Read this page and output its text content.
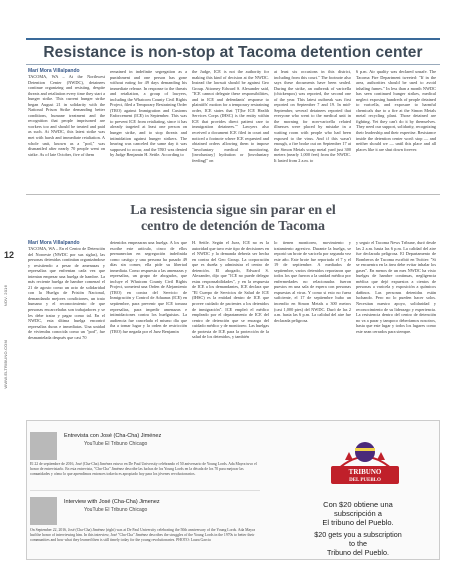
12
NOV. 2016
WWW.ELTRIBUNO.COM
Resistance is non-stop at Tacoma detention center
Marí Mora Villalpando
TACOMA, WA – At the Northwest Detention Center (NWDC), detainees continue organizing and resisting, despite threats and retaliation every time they start a hunger strike. This current hunger strike began August 21 in solidarity with the National Prison Strike demanding better conditions, humane treatment and the recognition that people imprisoned are workers too and should be treated and paid as such. At NWDC, this latest strike was met with harsh and immediate retaliation. A whole unit, known as a "pod," was dismantled after nearly 70 people went on strike. As of late October, five of them
remained in indefinite segregation as a punishment and one person has gone without eating for 49 days demanding his immediate release. In response to the threats and retaliation, a group of lawyers, including the Whatcom County Civil Rights Project, filed a Temporary Restraining Order (TRO) against Immigration and Customs Enforcement (ICE) in September. This was to prevent ICE from retaliating, since it has already targeted at least one person on hunger strike, and to stop threats and intimidation against hunger strikers. The hearing was canceled the same day it was supposed to occur, and the TRO was denied by Judge Benjamin H. Settle. According to
the Judge, ICE is not the authority for making this kind of decision at the NWDC. Instead the lawsuit should be against Geo Group. Attorney Edward S. Alexander said, "ICE cannot delegate these responsibilities, and in ICE and defendants' response to plaintiffs' motion for a temporary restraining order, ICE states that '[T]he ICE Health Services Corps (IHSC) is the entity within ICE that provides direct patient care to immigration detainees.'" Lawyers also received a document ICE filed in court and noticed a footnote where ICE requested and obtained orders allowing them to impose "involuntary medical monitoring, [involuntary] hydration or [involuntary feeding]" on
at least six occasions in this district, including from this court." The footnote also says these documents have been sealed. During the strike, an outbreak of varicella (chickenpox) was reported, the second one of the year. This latest outbreak was first reported on September 7 and 19. In mid-September, several detainees reported that everyone who went to the medical unit in the morning for non-varicella related illnesses were placed by mistake in a waiting room with people who had been exposed to the virus. And if this wasn't enough, a fire broke out on September 17 at the Simon Metals scrap metal yard just 300 meters (nearly 1,000 feet) from the NWDC. It lasted from 2 a.m. to
6 p.m. Air quality was declared unsafe. The Tacoma Fire Department tweeted: "If in the area, authorities should be used to avoid inhaling fumes." In less than a month NWDC has seen continued hunger strikes, medical neglect exposing hundreds of people detained to varicella, and exposure to harmful chemicals due to a fire at the Simon Metals metal recycling plant. Those detained are fighting. Yet they can't do it by themselves. They need our support, solidarity, recognizing their leadership and their expertise. Resistance inside the detention center won't stop — and neither should we — until this place and all places like it are shut down forever.
La resistencia sigue sin parar en el
centro de detención de Tacoma
Marí Mora Villalpando
TACOMA, WA – En el Centro de Detención del Noroeste (NWDC por sus siglas), las personas detenidas continúan organizándose y resistiendo a pesar de amenazas y represalias que enfrentan cada vez que intentan empezar una huelga de hambre. La más reciente huelga de hambre comenzó el 21 de agosto como un acto de solidaridad con la Huelga de Prisión Nacional, demandando mejores condiciones, un trato humano y el reconocimiento de que personas encarceladas son trabajadores y se les debe tratar y pagar como tal. En el NWDC, esta última huelga encontró represalias duras e inmediatas. Una unidad de viviendas conocida como un "pod", fue desmantelada después que casi 70
detenidos empezaran una huelga. A los que escribe este artículo, cinco de ellos permanecían en segregación indefinida como castigo y una persona ha pasado 49 días sin comer, ella pide su libertad inmediata. Como respuesta a las amenazas y represalias, un grupo de abogados, que incluye el Whatcom County Civil Rights Project, someterá una Orden de Alejamiento (TRO) en contra del Servicio de Inmigración y Control de Aduanas (ICE) en septiembre, para prevenir que ICE tomara represalias, para impedir amenazas e intimidaciones contra los huelguistas. La audiencia fue cancelada el mismo día que iba a tomar lugar y la orden de restricción (TRO) fue negada por el Juez Benjamin
H. Settle. Según el Juez, ICE no es la autoridad que tuvo este tipo de decisiones en el NWDC y la demanda debería ser hecha en contra del Geo Group. La corporación que es dueña y administra el centro de detención. El abogado, Edward S. Alexander, dijo que "ICE no puede delegar estas responsabilidades", y en la respuesta de ICE a los demandantes, ICE declara que "El Cuerpo de Servicios de Salud de ICE (IHSC) es la entidad dentro de ICE que provee cuidado de pacientes a los detenidos de inmigración". ICE empleó el médico empleado por el departamento de ICE del centro de detención que se encarga del cuidado médico y de monitoreo. Las huelgas de protesta de ICE para la protección de la salud de los detenidos, y también
lo tienen monitoreo, movimiento y tratamiento agresivo. Durante la huelga, se reportó un brote de varicela por segunda vez este año. Este brote fue reportado el 7 y el 19 de septiembre. A mediados de septiembre, varios detenidos reportaron que todos los que fueron a la unidad médica por enfermedades no relacionadas fueron puestos en una sala de espera con personas expuestas al virus. Y como si esto no fuera suficiente, el 17 de septiembre hubo un incendio en Simon Metals a 300 metros (casi 1,000 pies) del NWDC. Duró de las 2 a.m. hasta las 6 p.m. La calidad del aire fue declarada peligrosa.
y seguir el Tacoma News Tribune, duró desde las 2 a.m. hasta las 6 p.m. La calidad del aire fue declarada peligrosa. El Departamento de Bomberos de Tacoma escribió en Twitter: "Si se encuentra en la área debe evitar inhalar los gases". En menos de un mes NWDC ha visto huelgas de hambre continuas, negligencia médica que dejó expuestos a cientos de personas a varicela y exposición a químicos dañinos. Las personas detenidas están luchando. Pero no lo pueden hacer solos. Necesitan nuestro apoyo, solidaridad y reconocimiento de su liderazgo y experiencia. La resistencia dentro del centro de detención no va a parar y tampoco deberíamos nosotros, hasta que este lugar y todos los lugares como este sean cerrados para siempre.
Entrevista con José (Cha-Cha) Jiménez
YouTube El Tribuno Chicago
El 22 de septiembre de 2016, José (Cha-Cha) Jiménez estuvo en De Paul University celebrando el 50 aniversario de Young Lords. Ada Mayra tuvo el honor de entrevistarlo. En esta entrevista, "Cha-Cha" Jiménez describe las luchas de los Young Lords en la década de los 70 para mejorar las comunidades y cómo lo que aprendimos entonces todavía es apropiado hoy para los jóvenes revolucionarios.
Interview with José (Cha-Cha) Jimenez
YouTube El Tribuno Chicago
On September 22, 2016, José (Cha-Cha) Jiménez (right) was at De Paul University celebrating the 50th anniversary of the Young Lords. Ada Mayra had the honor of interviewing him. In this interview, José "Cha-Cha" Jiménez describes the struggles of the Young Lords in the 1970s to better their communities and how what they learned then is still timely today for the young revolutionaries. PHOTO: Laura Garcia
TRIBUNO
DEL PUEBLO
Con $20 obtiene una
subscripción a
El tribuno del Pueblo.
$20 gets you a subscription
to the
Tribuno del Pueblo.
